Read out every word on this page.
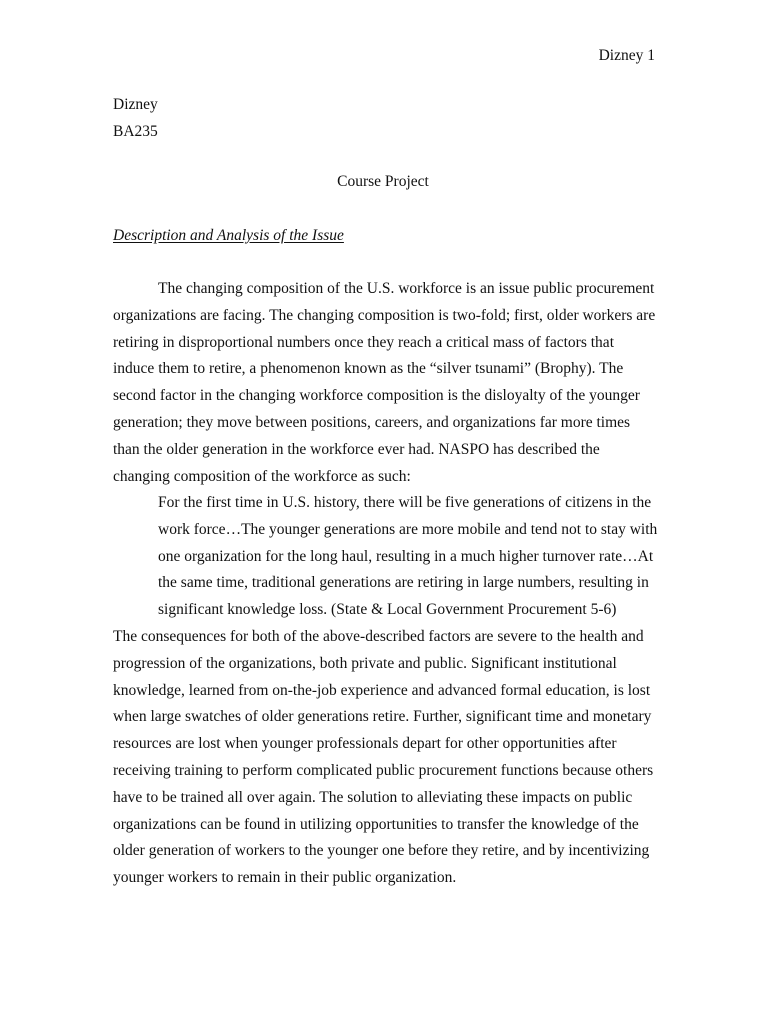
Dizney 1
Dizney
BA235
Course Project
Description and Analysis of the Issue

The changing composition of the U.S. workforce is an issue public procurement organizations are facing. The changing composition is two-fold; first, older workers are retiring in disproportional numbers once they reach a critical mass of factors that induce them to retire, a phenomenon known as the “silver tsunami” (Brophy). The second factor in the changing workforce composition is the disloyalty of the younger generation; they move between positions, careers, and organizations far more times than the older generation in the workforce ever had. NASPO has described the changing composition of the workforce as such:

For the first time in U.S. history, there will be five generations of citizens in the work force…The younger generations are more mobile and tend not to stay with one organization for the long haul, resulting in a much higher turnover rate…At the same time, traditional generations are retiring in large numbers, resulting in significant knowledge loss. (State & Local Government Procurement 5-6)

The consequences for both of the above-described factors are severe to the health and progression of the organizations, both private and public. Significant institutional knowledge, learned from on-the-job experience and advanced formal education, is lost when large swatches of older generations retire. Further, significant time and monetary resources are lost when younger professionals depart for other opportunities after receiving training to perform complicated public procurement functions because others have to be trained all over again. The solution to alleviating these impacts on public organizations can be found in utilizing opportunities to transfer the knowledge of the older generation of workers to the younger one before they retire, and by incentivizing younger workers to remain in their public organization.
